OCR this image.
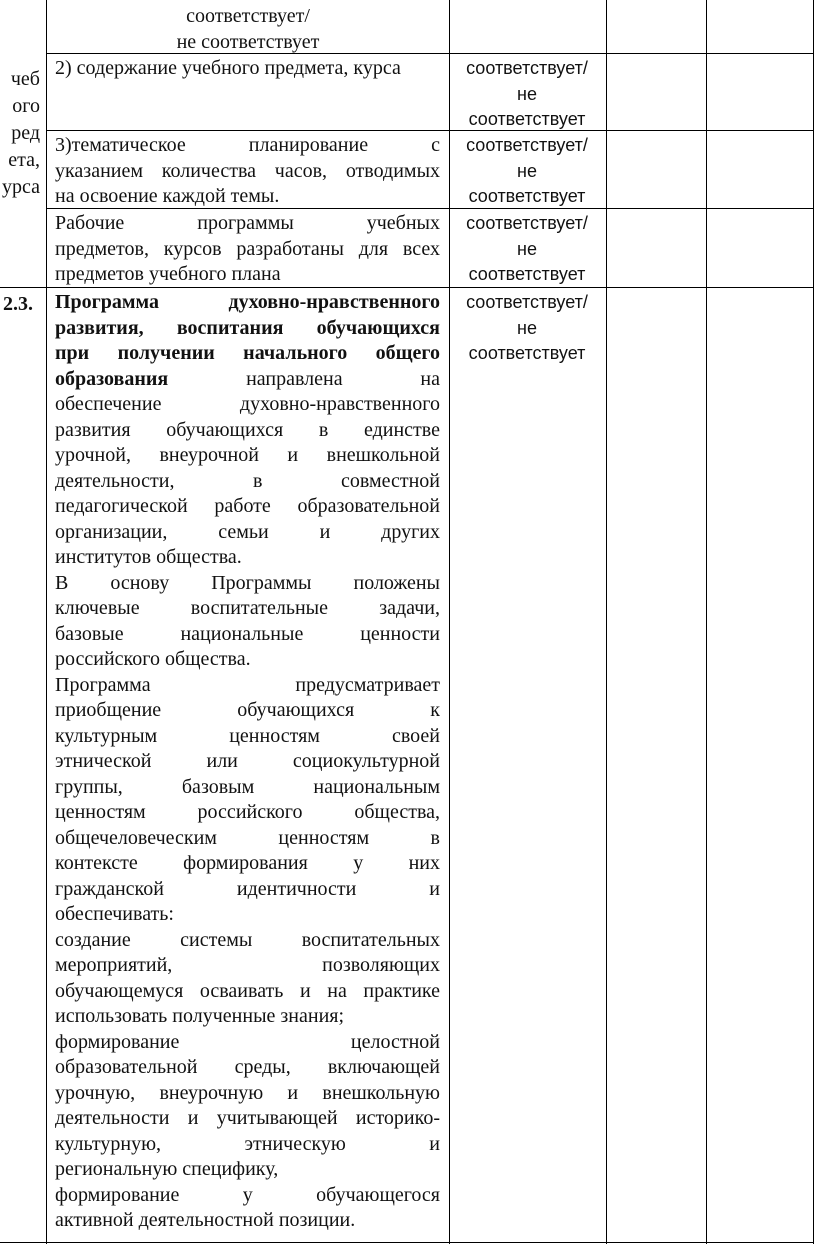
чеб
ого
ред
ета,
урса
соответствует/
не соответствует

2) содержание учебного предмета, курса	соответствует/
не
соответствует

3)тематическое планирование с

указанием количества часов, отводимых

на освоение каждой темы.

соответствует/
не
соответствует

Рабочие программы учебных

предметов, курсов разработаны для всех

предметов учебного плана

соответствует/
не
соответствует
2.3. Программа духовно-нравственного

развития, воспитания обучающихся

при получении начального общего

образования	направлена на

обеспечение духовно-нравственного

развития обучающихся в единстве

урочной, внеурочной и внешкольной

деятельности, в совместной

педагогической работе образовательной

организации, семьи и других

институтов общества.

В основу Программы положены

ключевые воспитательные задачи,

базовые национальные ценности

российского общества.

Программа предусматривает

приобщение обучающихся к

культурным ценностям своей

этнической или социокультурной

группы, базовым национальным

ценностям российского общества,

общечеловеческим ценностям в

контексте формирования у них

гражданской идентичности и

обеспечивать:

создание системы воспитательных

мероприятий, позволяющих

обучающемуся осваивать и на практике

использовать полученные знания;

формирование целостной

образовательной среды, включающей

урочную, внеурочную и внешкольную

деятельности и учитывающей историко-

культурную, этническую и

региональную специфику,

формирование у обучающегося

активной деятельностной позиции.

соответствует/
не
соответствует
